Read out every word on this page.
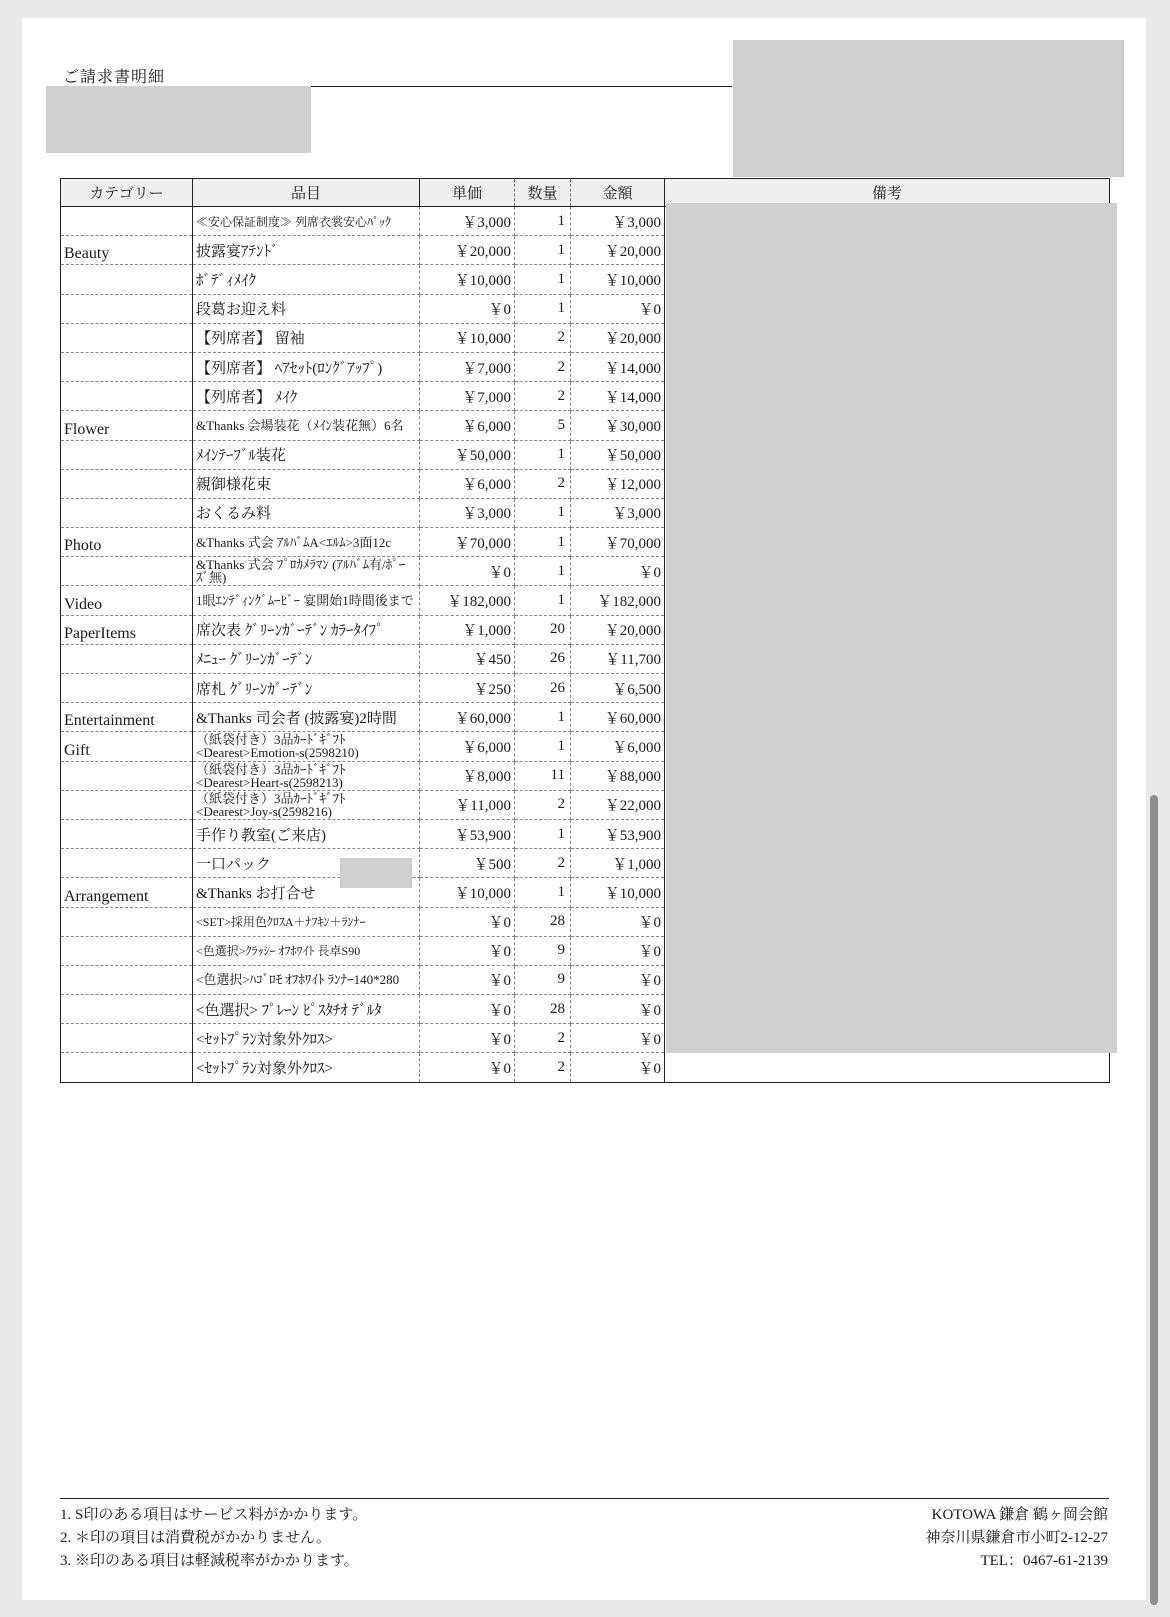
ご請求書明細
カテゴリー	品目	単価	数量	金額	備考
	≪安心保証制度≫ 列席衣裳安心ﾊﾟｯｸ	￥3,000	1	￥3,000	
Beauty	披露宴ｱﾃﾝﾄﾞ	￥20,000	1	￥20,000	
	ﾎﾞﾃﾞｨﾒｲｸ	￥10,000	1	￥10,000	
	段葛お迎え料	￥0	1	￥0	
	【列席者】 留袖	￥10,000	2	￥20,000	
	【列席者】 ﾍｱｾｯﾄ(ﾛﾝｸﾞｱｯﾌﾟ)	￥7,000	2	￥14,000	
	【列席者】 ﾒｲｸ	￥7,000	2	￥14,000	
Flower	&Thanks 会場装花（ﾒｲﾝ装花無）6名	￥6,000	5	￥30,000	
	ﾒｲﾝﾃｰﾌﾞﾙ装花	￥50,000	1	￥50,000	
	親御様花束	￥6,000	2	￥12,000	
	おくるみ料	￥3,000	1	￥3,000	
Photo	&Thanks 式会 ｱﾙﾊﾞﾑA<ｴﾙﾑ>3面12c	￥70,000	1	￥70,000	
	&Thanks 式会 ﾌﾟﾛｶﾒﾗﾏﾝ (ｱﾙﾊﾞﾑ有/ﾎﾟｰｽﾞ無)	￥0	1	￥0	
Video	1眼ｴﾝﾃﾞｨﾝｸﾞﾑｰﾋﾞｰ 宴開始1時間後まで	￥182,000	1	￥182,000	
PaperItems	席次表 ｸﾞﾘｰﾝｶﾞｰﾃﾞﾝ ｶﾗｰﾀｲﾌﾟ	￥1,000	20	￥20,000	
	ﾒﾆｭｰ ｸﾞﾘｰﾝｶﾞｰﾃﾞﾝ	￥450	26	￥11,700	
	席札 ｸﾞﾘｰﾝｶﾞｰﾃﾞﾝ	￥250	26	￥6,500	
Entertainment	&Thanks 司会者 (披露宴)2時間	￥60,000	1	￥60,000	
Gift	（紙袋付き）3品ｶｰﾄﾞｷﾞﾌﾄ<Dearest>Emotion-s(2598210)	￥6,000	1	￥6,000	
	（紙袋付き）3品ｶｰﾄﾞｷﾞﾌﾄ<Dearest>Heart-s(2598213)	￥8,000	11	￥88,000	
	（紙袋付き）3品ｶｰﾄﾞｷﾞﾌﾄ<Dearest>Joy-s(2598216)	￥11,000	2	￥22,000	
	手作り教室(ご来店)	￥53,900	1	￥53,900	
	一口パック	￥500	2	￥1,000	
Arrangement	&Thanks お打合せ	￥10,000	1	￥10,000	
	<SET>採用色ｸﾛｽA＋ﾅﾌｷﾝ＋ﾗﾝﾅｰ	￥0	28	￥0	
	<色選択>ｸﾗｯｼｰ ｵﾌﾎﾜｲﾄ 長卓S90	￥0	9	￥0	
	<色選択>ﾊｺﾞﾛﾓ ｵﾌﾎﾜｲﾄ ﾗﾝﾅｰ140*280	￥0	9	￥0	
	<色選択> ﾌﾟﾚｰﾝ ﾋﾟｽﾀﾁｵ ﾃﾞﾙﾀ	￥0	28	￥0	
	<ｾｯﾄﾌﾟﾗﾝ対象外ｸﾛｽ>	￥0	2	￥0	
	<ｾｯﾄﾌﾟﾗﾝ対象外ｸﾛｽ>	￥0	2	￥0	
1. S印のある項目はサービス料がかかります。
2. ＊印の項目は消費税がかかりません。
3. ※印のある項目は軽減税率がかかります。
KOTOWA 鎌倉 鶴ヶ岡会館
神奈川県鎌倉市小町2-12-27
TEL：0467-61-2139
